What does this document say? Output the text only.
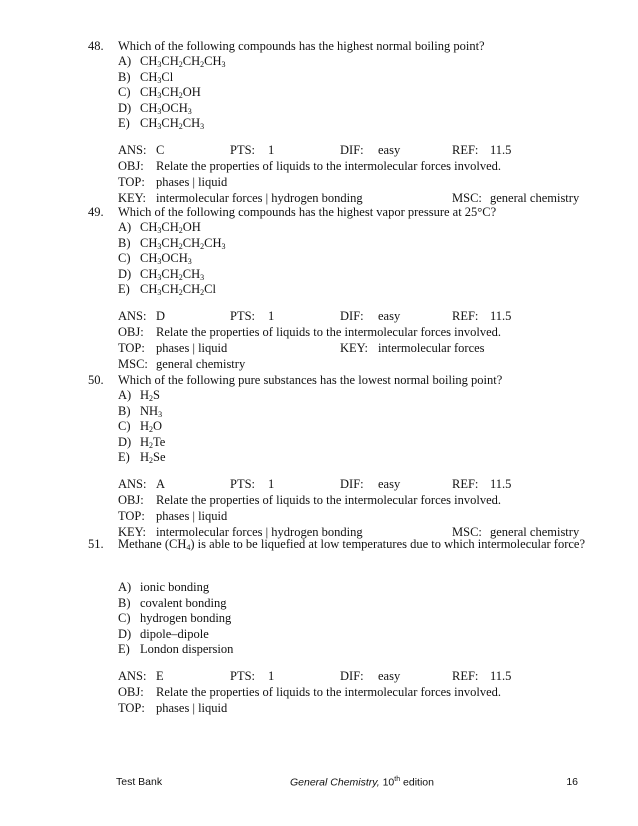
48. Which of the following compounds has the highest normal boiling point?
A) $CH_3CH_2CH_2CH_3$
B) $CH_3Cl$
C) $CH_3CH_2OH$
D) $CH_3OCH_3$
E) $CH_3CH_2CH_3$
ANS: C	PTS: 1	DIF: easy	REF: 11.5
OBJ: Relate the properties of liquids to the intermolecular forces involved.
TOP: phases | liquid
KEY: intermolecular forces | hydrogen bonding	MSC: general chemistry
49. Which of the following compounds has the highest vapor pressure at 25°C?
A) $CH_3CH_2OH$
B) $CH_3CH_2CH_2CH_3$
C) $CH_3OCH_3$
D) $CH_3CH_2CH_3$
E) $CH_3CH_2CH_2Cl$
ANS: D	PTS: 1	DIF: easy	REF: 11.5
OBJ: Relate the properties of liquids to the intermolecular forces involved.
TOP: phases | liquid	KEY: intermolecular forces
MSC: general chemistry
50. Which of the following pure substances has the lowest normal boiling point?
A) $H_2S$
B) $NH_3$
C) $H_2O$
D) $H_2Te$
E) $H_2Se$
ANS: A	PTS: 1	DIF: easy	REF: 11.5
OBJ: Relate the properties of liquids to the intermolecular forces involved.
TOP: phases | liquid
KEY: intermolecular forces | hydrogen bonding	MSC: general chemistry
51. Methane $(CH_4)$ is able to be liquefied at low temperatures due to which intermolecular force?
A) ionic bonding
B) covalent bonding
C) hydrogen bonding
D) dipole–dipole
E) London dispersion
ANS: E	PTS: 1	DIF: easy	REF: 11.5
OBJ: Relate the properties of liquids to the intermolecular forces involved.
TOP: phases | liquid
Test Bank	General Chemistry, 10th edition	16
